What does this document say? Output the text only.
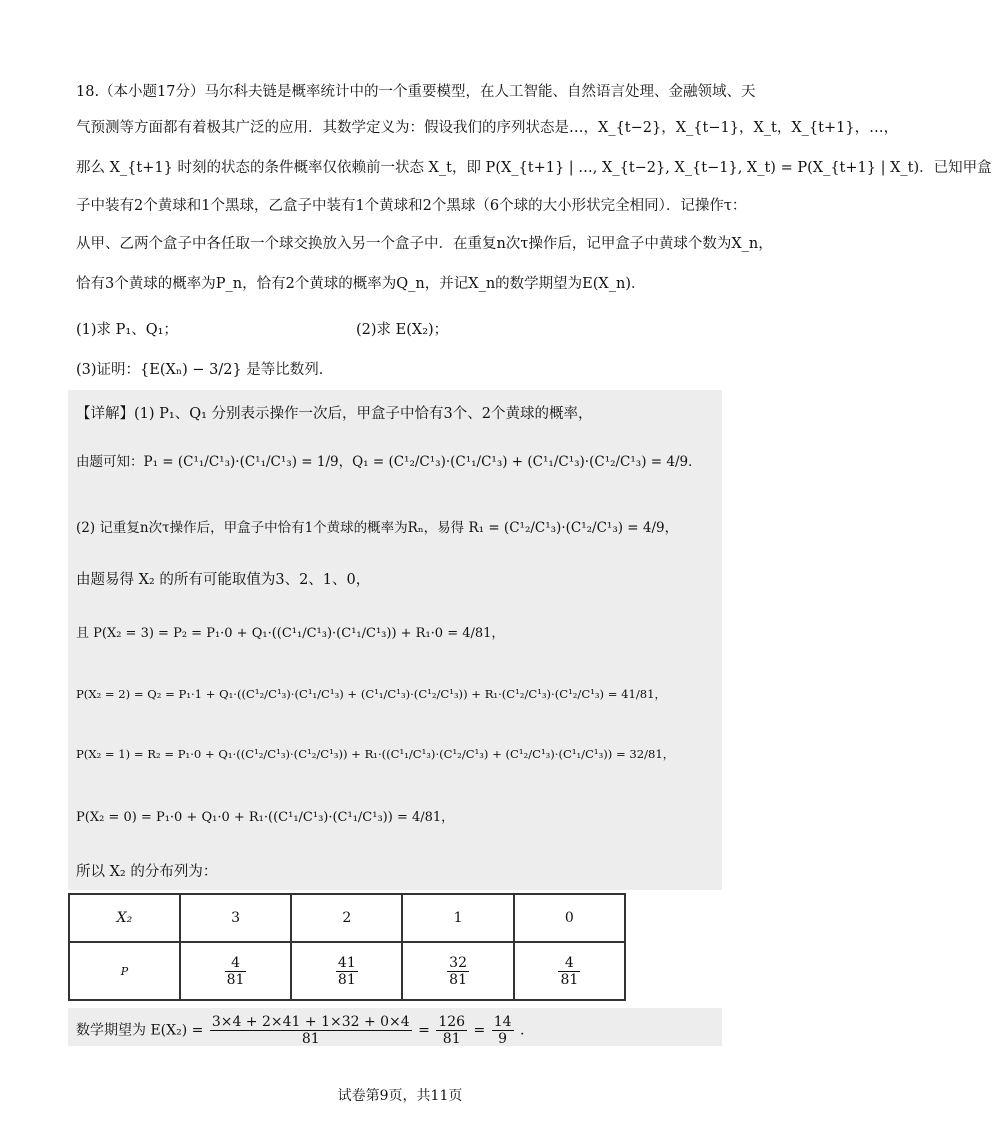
18.（本小题17分）马尔科夫链是概率统计中的一个重要模型，在人工智能、自然语言处理、金融领域、天
气预测等方面都有着极其广泛的应用．其数学定义为：假设我们的序列状态是…，X_{t−2}，X_{t−1}，X_t，X_{t+1}，…，
那么 X_{t+1} 时刻的状态的条件概率仅依赖前一状态 X_t，即 P(X_{t+1} | …, X_{t−2}, X_{t−1}, X_t) = P(X_{t+1} | X_t)．已知甲盒
子中装有2个黄球和1个黑球，乙盒子中装有1个黄球和2个黑球（6个球的大小形状完全相同）．记操作τ：
从甲、乙两个盒子中各任取一个球交换放入另一个盒子中．在重复n次τ操作后，记甲盒子中黄球个数为X_n，
恰有3个黄球的概率为P_n，恰有2个黄球的概率为Q_n，并记X_n的数学期望为E(X_n)．
(1)求 P₁、Q₁；	(2)求 E(X₂)；
(3)证明：{E(Xₙ) − 3/2} 是等比数列．
【详解】(1) P₁、Q₁ 分别表示操作一次后，甲盒子中恰有3个、2个黄球的概率，
由题可知：P₁ = (C¹₁/C¹₃)·(C¹₁/C¹₃) = 1/9，Q₁ = (C¹₂/C¹₃)·(C¹₁/C¹₃) + (C¹₁/C¹₃)·(C¹₂/C¹₃) = 4/9．
(2) 记重复n次τ操作后，甲盒子中恰有1个黄球的概率为Rₙ，易得 R₁ = (C¹₂/C¹₃)·(C¹₂/C¹₃) = 4/9，
由题易得 X₂ 的所有可能取值为3、2、1、0，
且 P(X₂ = 3) = P₂ = P₁·0 + Q₁·((C¹₁/C¹₃)·(C¹₁/C¹₃)) + R₁·0 = 4/81，
P(X₂ = 2) = Q₂ = P₁·1 + Q₁·((C¹₂/C¹₃)·(C¹₁/C¹₃) + (C¹₁/C¹₃)·(C¹₂/C¹₃)) + R₁·(C¹₂/C¹₃)·(C¹₂/C¹₃) = 41/81，
P(X₂ = 1) = R₂ = P₁·0 + Q₁·((C¹₂/C¹₃)·(C¹₂/C¹₃)) + R₁·((C¹₁/C¹₃)·(C¹₂/C¹₃) + (C¹₂/C¹₃)·(C¹₁/C¹₃)) = 32/81，
P(X₂ = 0) = P₁·0 + Q₁·0 + R₁·((C¹₁/C¹₃)·(C¹₁/C¹₃)) = 4/81，
所以 X₂ 的分布列为：
X₂	3	2	1	0
P	$\frac{4}{81}$	$\frac{41}{81}$	$\frac{32}{81}$	$\frac{4}{81}$
数学期望为 $E(X_2) = \frac{3\times 4 + 2\times 41 + 1\times 32 + 0\times 4}{81} = \frac{126}{81} = \frac{14}{9}$ .
试卷第9页，共11页
